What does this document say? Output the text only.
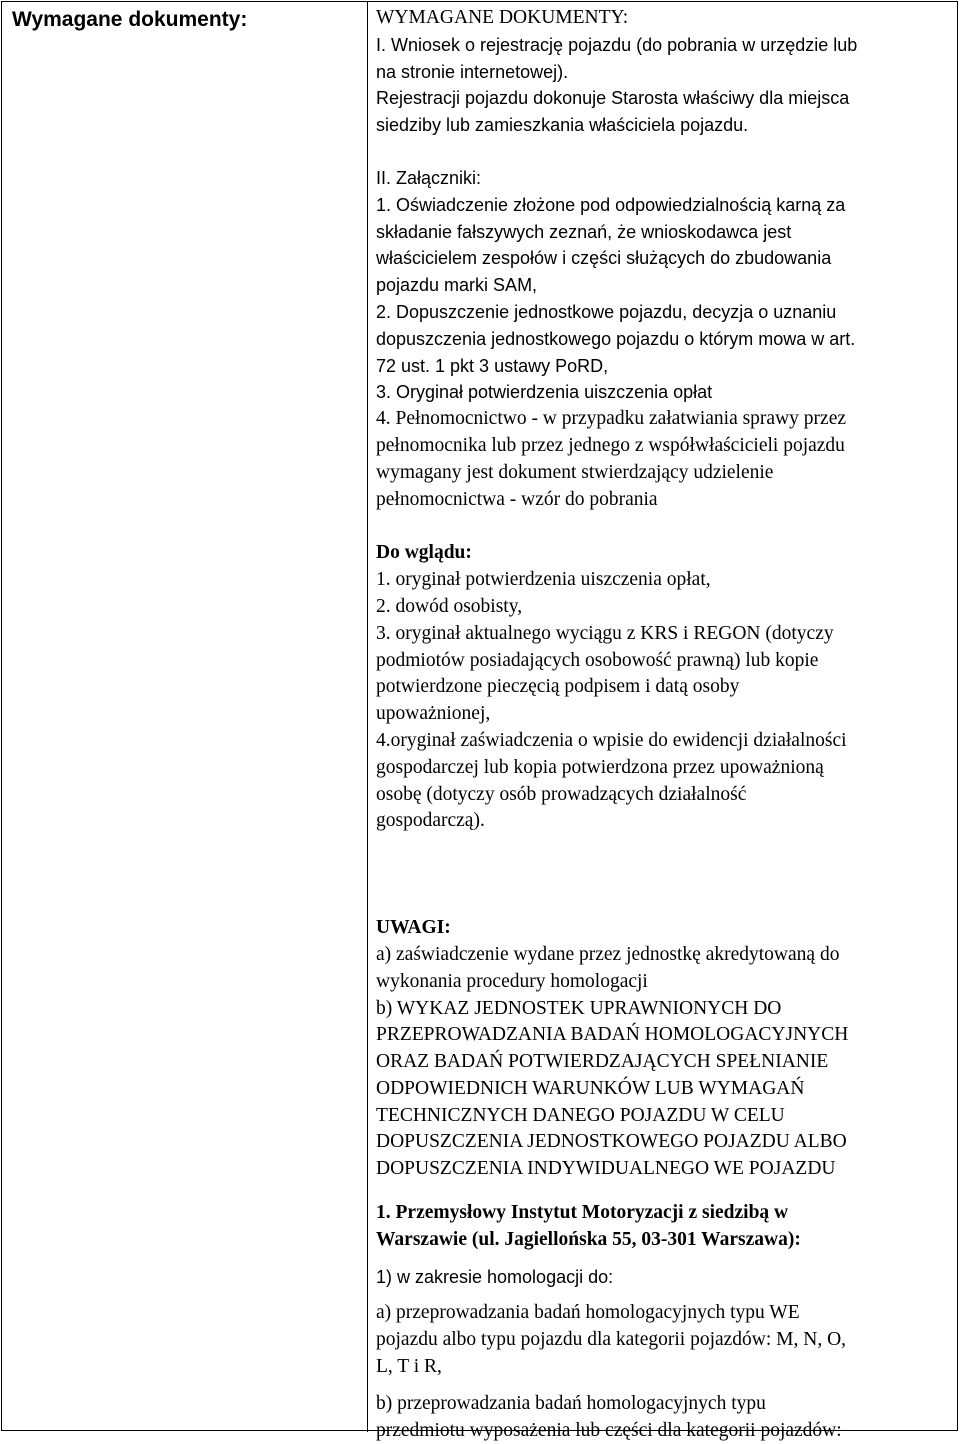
Wymagane dokumenty:	WYMAGANE DOKUMENTY:
I. Wniosek o rejestrację pojazdu (do pobrania w urzędzie lub
na stronie internetowej).
Rejestracji pojazdu dokonuje Starosta właściwy dla miejsca
siedziby lub zamieszkania właściciela pojazdu.
II. Załączniki:
1. Oświadczenie złożone pod odpowiedzialnością karną za
składanie fałszywych zeznań, że wnioskodawca jest
właścicielem zespołów i części służących do zbudowania
pojazdu marki SAM,
2. Dopuszczenie jednostkowe pojazdu, decyzja o uznaniu
dopuszczenia jednostkowego pojazdu o którym mowa w art.
72 ust. 1 pkt 3 ustawy PoRD,
3. Oryginał potwierdzenia uiszczenia opłat
4. Pełnomocnictwo - w przypadku załatwiania sprawy przez
pełnomocnika lub przez jednego z współwłaścicieli pojazdu
wymagany jest dokument stwierdzający udzielenie
pełnomocnictwa - wzór do pobrania
Do wglądu:
1. oryginał potwierdzenia uiszczenia opłat,
2. dowód osobisty,
3. oryginał aktualnego wyciągu z KRS i REGON (dotyczy
podmiotów posiadających osobowość prawną) lub kopie
potwierdzone pieczęcią podpisem i datą osoby
upoważnionej,
4.oryginał zaświadczenia o wpisie do ewidencji działalności
gospodarczej lub kopia potwierdzona przez upoważnioną
osobę (dotyczy osób prowadzących działalność
gospodarczą).
UWAGI:
a) zaświadczenie wydane przez jednostkę akredytowaną do
wykonania procedury homologacji
b) WYKAZ JEDNOSTEK UPRAWNIONYCH DO
PRZEPROWADZANIA BADAŃ HOMOLOGACYJNYCH
ORAZ BADAŃ POTWIERDZAJĄCYCH SPEŁNIANIE
ODPOWIEDNICH WARUNKÓW LUB WYMAGAŃ
TECHNICZNYCH DANEGO POJAZDU W CELU
DOPUSZCZENIA JEDNOSTKOWEGO POJAZDU ALBO
DOPUSZCZENIA INDYWIDUALNEGO WE POJAZDU
1. Przemysłowy Instytut Motoryzacji z siedzibą w
Warszawie (ul. Jagiellońska 55, 03-301 Warszawa):
1) w zakresie homologacji do:
a) przeprowadzania badań homologacyjnych typu WE
pojazdu albo typu pojazdu dla kategorii pojazdów: M, N, O,
L, T i R,
b) przeprowadzania badań homologacyjnych typu
przedmiotu wyposażenia lub części dla kategorii pojazdów:
